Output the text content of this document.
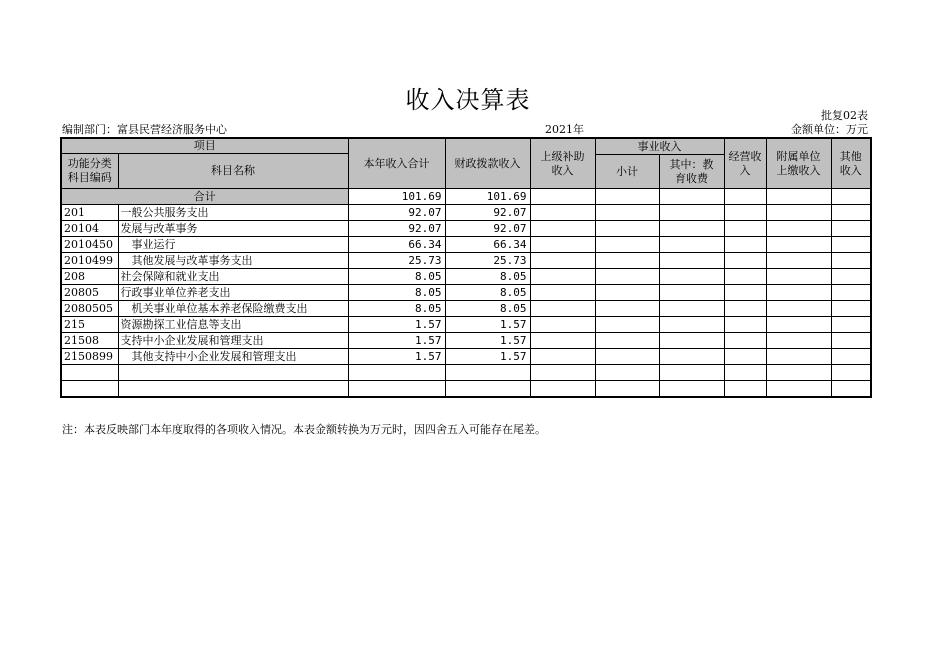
收入决算表
批复02表
编制部门：富县民营经济服务中心	2021年	金额单位：万元
项目		本年收入合计	财政拨款收入	上级补助收入	事业收入		经营收入	附属单位上缴收入	其他收入
功能分类科目编码	科目名称								
					小计	其中：教育收费			
合计		101.69	101.69						
201	一般公共服务支出	92.07	92.07						
20104	发展与改革事务	92.07	92.07						
2010450	　事业运行	66.34	66.34						
2010499	　其他发展与改革事务支出	25.73	25.73						
208	社会保障和就业支出	8.05	8.05						
20805	行政事业单位养老支出	8.05	8.05						
2080505	　机关事业单位基本养老保险缴费支出	8.05	8.05						
215	资源勘探工业信息等支出	1.57	1.57						
21508	支持中小企业发展和管理支出	1.57	1.57						
2150899	　其他支持中小企业发展和管理支出	1.57	1.57						

注：本表反映部门本年度取得的各项收入情况。本表金额转换为万元时，因四舍五入可能存在尾差。
